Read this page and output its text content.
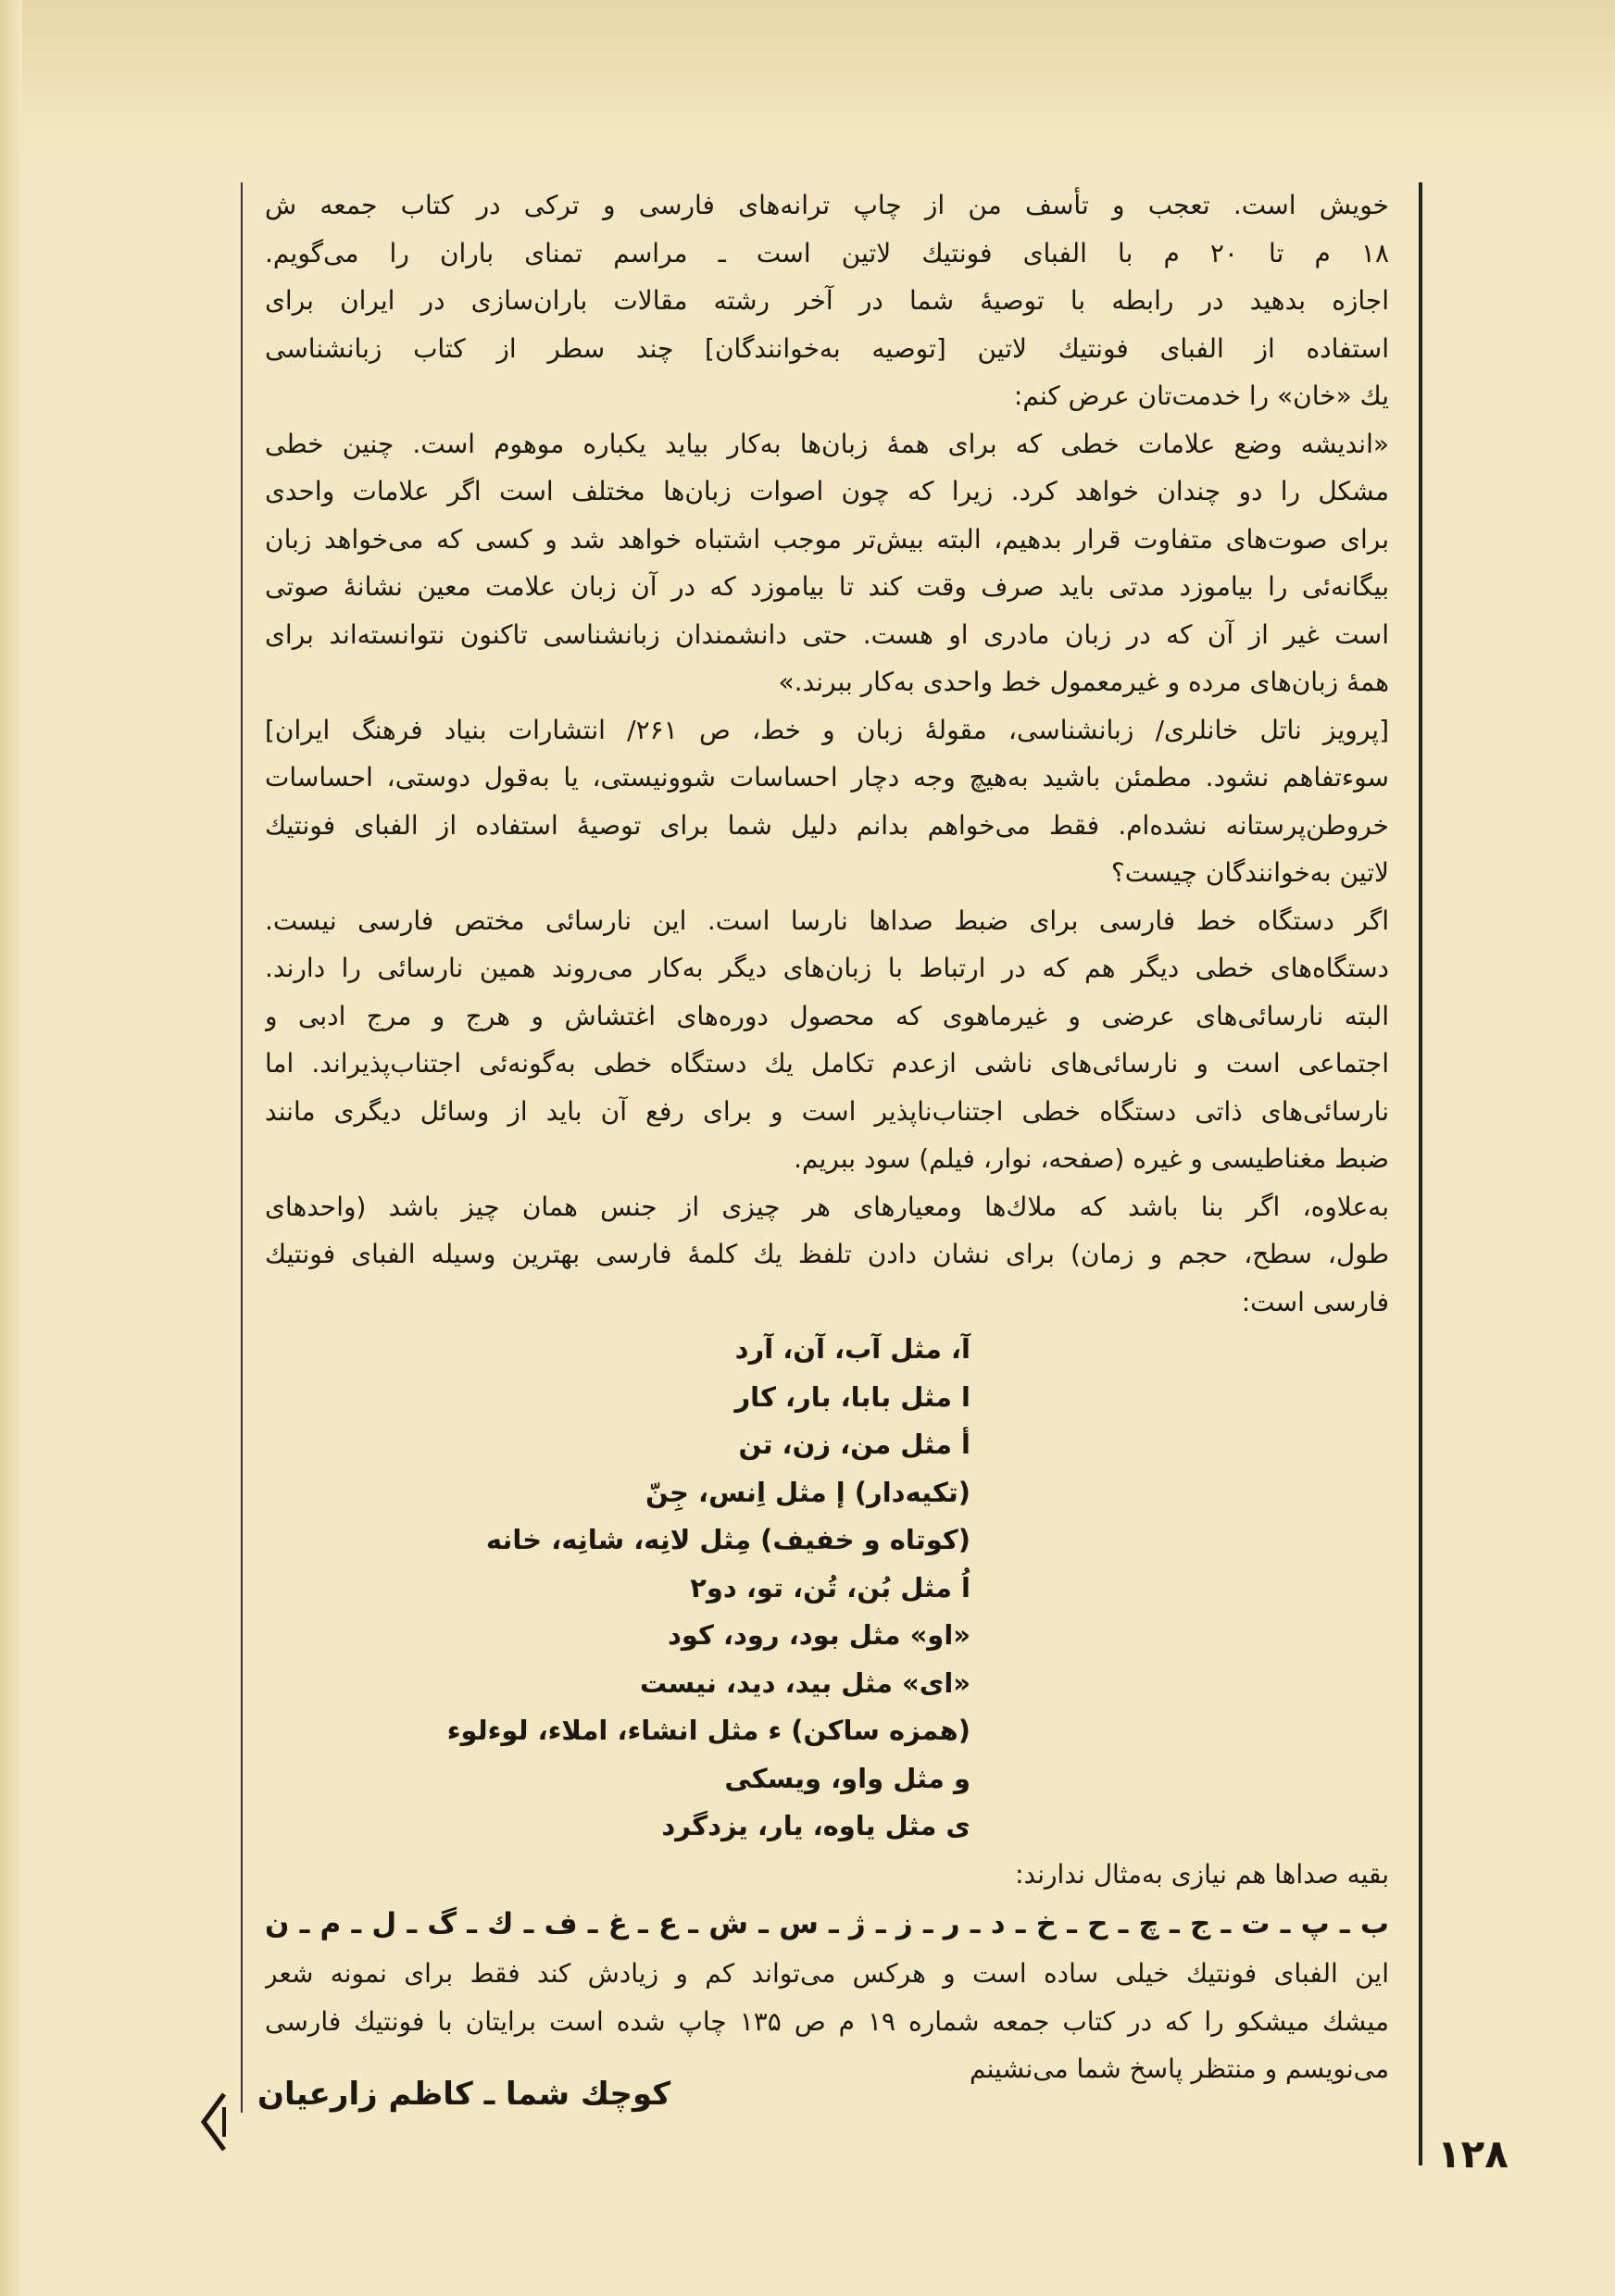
خویش است. تعجب و تأسف من از چاپ ترانه‌های فارسی و ترکی در کتاب جمعه ش
۱۸ م تا ۲۰ م با الفبای فونتیك لاتین است ـ مراسم تمنای باران را می‌گویم.
اجازه بدهید در رابطه با توصیهٔ شما در آخر رشته مقالات باران‌سازی در ایران برای
استفاده از الفبای فونتیك لاتین [توصیه به‌خوانندگان] چند سطر از کتاب زبانشناسی
یك «خان» را خدمت‌تان عرض کنم:
«اندیشه وضع علامات خطی که برای همهٔ زبان‌ها به‌کار بیاید یکباره موهوم است. چنین خطی
مشکل را دو چندان خواهد کرد. زیرا که چون اصوات زبان‌ها مختلف است اگر علامات واحدی
برای صوت‌های متفاوت قرار بدهیم، البته بیش‌تر موجب اشتباه خواهد شد و کسی که می‌خواهد زبان
بیگانه‌ئی را بیاموزد مدتی باید صرف وقت کند تا بیاموزد که در آن زبان علامت معین نشانهٔ صوتی
است غیر از آن که در زبان مادری او هست. حتی دانشمندان زبانشناسی تاکنون نتوانسته‌اند برای
همهٔ زبان‌های مرده و غیرمعمول خط واحدی به‌کار ببرند.»
[پرویز ناتل خانلری/ زبانشناسی، مقولهٔ زبان و خط، ص ۲۶۱/ انتشارات بنیاد فرهنگ ایران]
سوءتفاهم نشود. مطمئن باشید به‌هیچ وجه دچار احساسات شوونیستی، یا به‌قول دوستی، احساسات
خروطن‌پرستانه نشده‌ام. فقط می‌خواهم بدانم دلیل شما برای توصیهٔ استفاده از الفبای فونتیك
لاتین به‌خوانندگان چیست؟
اگر دستگاه خط فارسی برای ضبط صداها نارسا است. این نارسائی مختص فارسی نیست.
دستگاه‌های خطی دیگر هم که در ارتباط با زبان‌های دیگر به‌کار می‌روند همین نارسائی را دارند.
البته نارسائی‌های عرضی و غیرماهوی که محصول دوره‌های اغتشاش و هرج و مرج ادبی و
اجتماعی است و نارسائی‌های ناشی ازعدم تکامل یك دستگاه خطی به‌گونه‌ئی اجتناب‌پذیراند. اما
نارسائی‌های ذاتی دستگاه خطی اجتناب‌ناپذیر است و برای رفع آن باید از وسائل دیگری مانند
ضبط مغناطیسی و غیره (صفحه، نوار، فیلم) سود ببریم.
به‌علاوه، اگر بنا باشد که ملاك‌ها ومعیارهای هر چیزی از جنس همان چیز باشد (واحدهای
طول، سطح، حجم و زمان) برای نشان دادن تلفظ یك کلمهٔ فارسی بهترین وسیله الفبای فونتیك
فارسی است:
آ، مثل آب، آن، آرد
ا مثل بابا، بار، کار
أ مثل من، زن، تن
(تکیه‌دار) إ مثل اِنس، جِنّ
(کوتاه و خفیف) مِثل لانِه، شانِه، خانه
اُ مثل بُن، تُن، تو، دو۲
«او» مثل بود، رود، کود
«ای» مثل بید، دید، نیست
(همزه ساکن) ء مثل انشاء، املاء، لوءلوء
و مثل واو، ویسکی
ی مثل یاوه، یار، یزدگرد
بقیه صداها هم نیازی به‌مثال ندارند:
ب ـ پ ـ ت ـ ج ـ چ ـ ح ـ خ ـ د ـ ر ـ ز ـ ژ ـ س ـ ش ـ ع ـ غ ـ ف ـ ك ـ گ ـ ل ـ م ـ ن
این الفبای فونتیك خیلی ساده است و هرکس می‌تواند کم و زیادش کند فقط برای نمونه شعر
میشك میشكو را که در کتاب جمعه شماره ۱۹ م ص ۱۳۵ چاپ شده است برایتان با فونتیك فارسی
می‌نویسم و منتظر پاسخ شما می‌نشینم
کوچك شما ـ کاظم زارعیان
١٢٨
